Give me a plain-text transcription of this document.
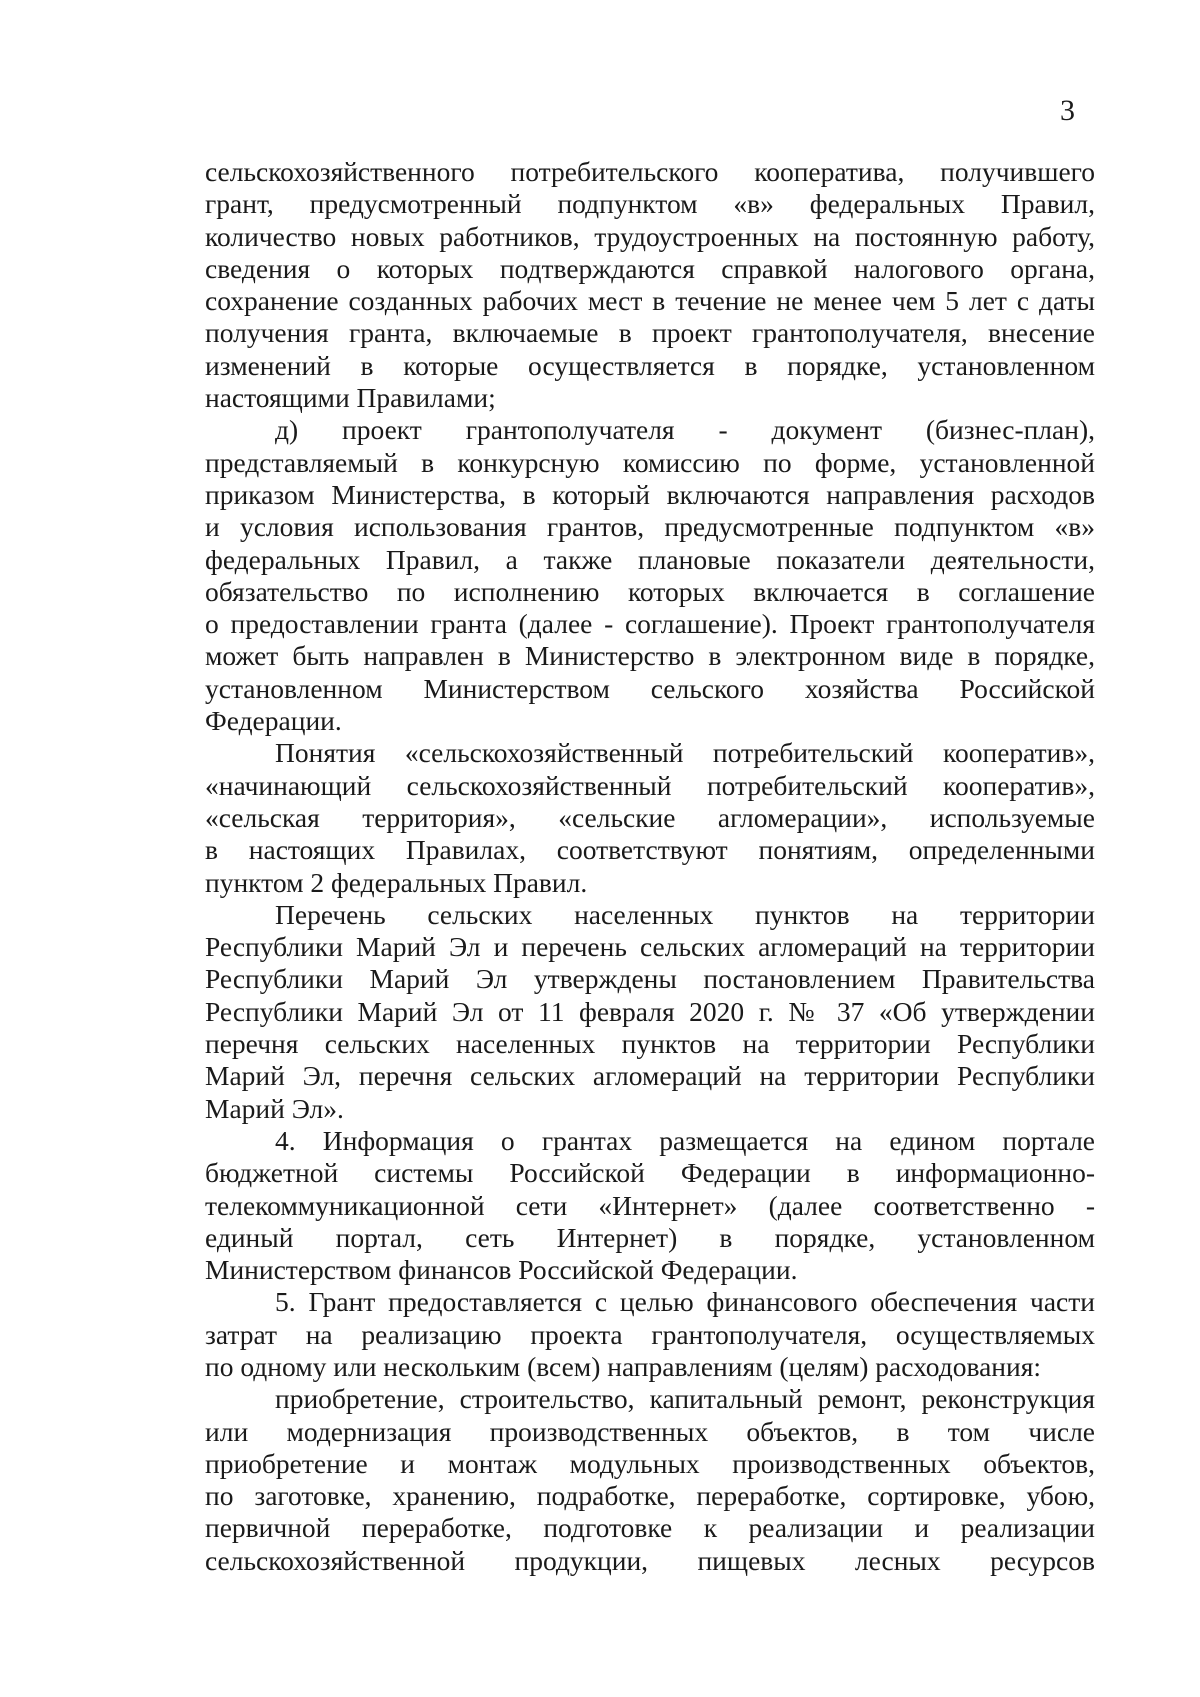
3
сельскохозяйственного потребительского кооператива, получившего
грант, предусмотренный подпунктом «в» федеральных Правил,
количество новых работников, трудоустроенных на постоянную работу,
сведения о которых подтверждаются справкой налогового органа,
сохранение созданных рабочих мест в течение не менее чем 5 лет с даты
получения гранта, включаемые в проект грантополучателя, внесение
изменений в которые осуществляется в порядке, установленном
настоящими Правилами;
д) проект грантополучателя - документ (бизнес-план),
представляемый в конкурсную комиссию по форме, установленной
приказом Министерства, в который включаются направления расходов
и условия использования грантов, предусмотренные подпунктом «в»
федеральных Правил, а также плановые показатели деятельности,
обязательство по исполнению которых включается в соглашение
о предоставлении гранта (далее - соглашение). Проект грантополучателя
может быть направлен в Министерство в электронном виде в порядке,
установленном Министерством сельского хозяйства Российской
Федерации.
Понятия «сельскохозяйственный потребительский кооператив»,
«начинающий сельскохозяйственный потребительский кооператив»,
«сельская территория», «сельские агломерации», используемые
в настоящих Правилах, соответствуют понятиям, определенными
пунктом 2 федеральных Правил.
Перечень сельских населенных пунктов на территории
Республики Марий Эл и перечень сельских агломераций на территории
Республики Марий Эл утверждены постановлением Правительства
Республики Марий Эл от 11 февраля 2020 г. № 37 «Об утверждении
перечня сельских населенных пунктов на территории Республики
Марий Эл, перечня сельских агломераций на территории Республики
Марий Эл».
4. Информация о грантах размещается на едином портале
бюджетной системы Российской Федерации в информационно-
телекоммуникационной сети «Интернет» (далее соответственно -
единый портал, сеть Интернет) в порядке, установленном
Министерством финансов Российской Федерации.
5. Грант предоставляется с целью финансового обеспечения части
затрат на реализацию проекта грантополучателя, осуществляемых
по одному или нескольким (всем) направлениям (целям) расходования:
приобретение, строительство, капитальный ремонт, реконструкция
или модернизация производственных объектов, в том числе
приобретение и монтаж модульных производственных объектов,
по заготовке, хранению, подработке, переработке, сортировке, убою,
первичной переработке, подготовке к реализации и реализации
сельскохозяйственной продукции, пищевых лесных ресурсов
